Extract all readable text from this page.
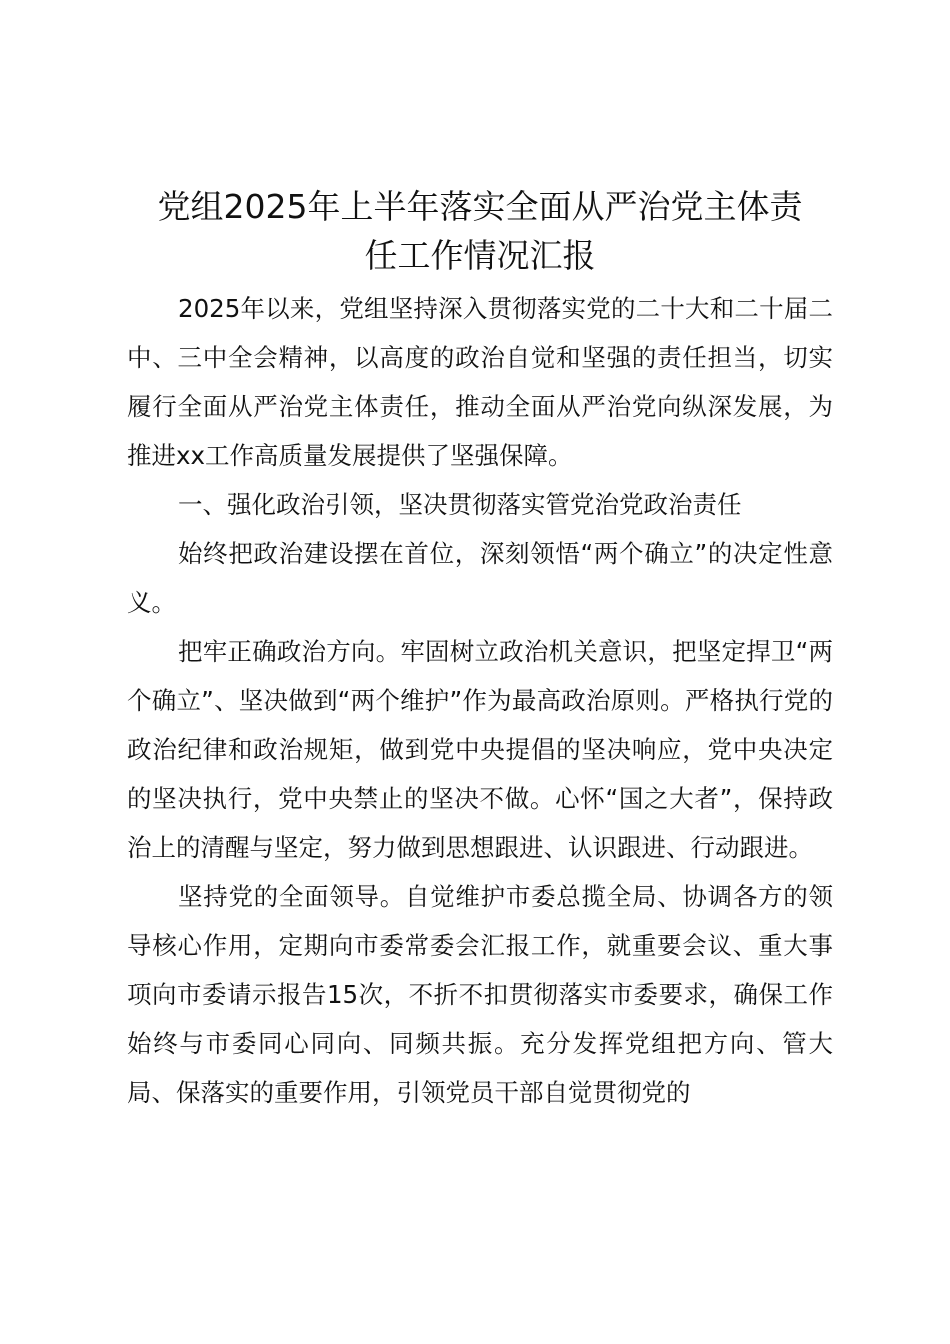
党组2025年上半年落实全面从严治党主体责
任工作情况汇报

2025年以来，党组坚持深入贯彻落实党的二十大和二十届二中、三中全会精神，以高度的政治自觉和坚强的责任担当，切实履行全面从严治党主体责任，推动全面从严治党向纵深发展，为推进xx工作高质量发展提供了坚强保障。

一、强化政治引领，坚决贯彻落实管党治党政治责任

始终把政治建设摆在首位，深刻领悟“两个确立”的决定性意义。

把牢正确政治方向。牢固树立政治机关意识，把坚定捍卫“两个确立”、坚决做到“两个维护”作为最高政治原则。严格执行党的政治纪律和政治规矩，做到党中央提倡的坚决响应，党中央决定的坚决执行，党中央禁止的坚决不做。心怀“国之大者”，保持政治上的清醒与坚定，努力做到思想跟进、认识跟进、行动跟进。

坚持党的全面领导。自觉维护市委总揽全局、协调各方的领导核心作用，定期向市委常委会汇报工作，就重要会议、重大事项向市委请示报告15次，不折不扣贯彻落实市委要求，确保工作始终与市委同心同向、同频共振。充分发挥党组把方向、管大局、保落实的重要作用，引领党员干部自觉贯彻党的
